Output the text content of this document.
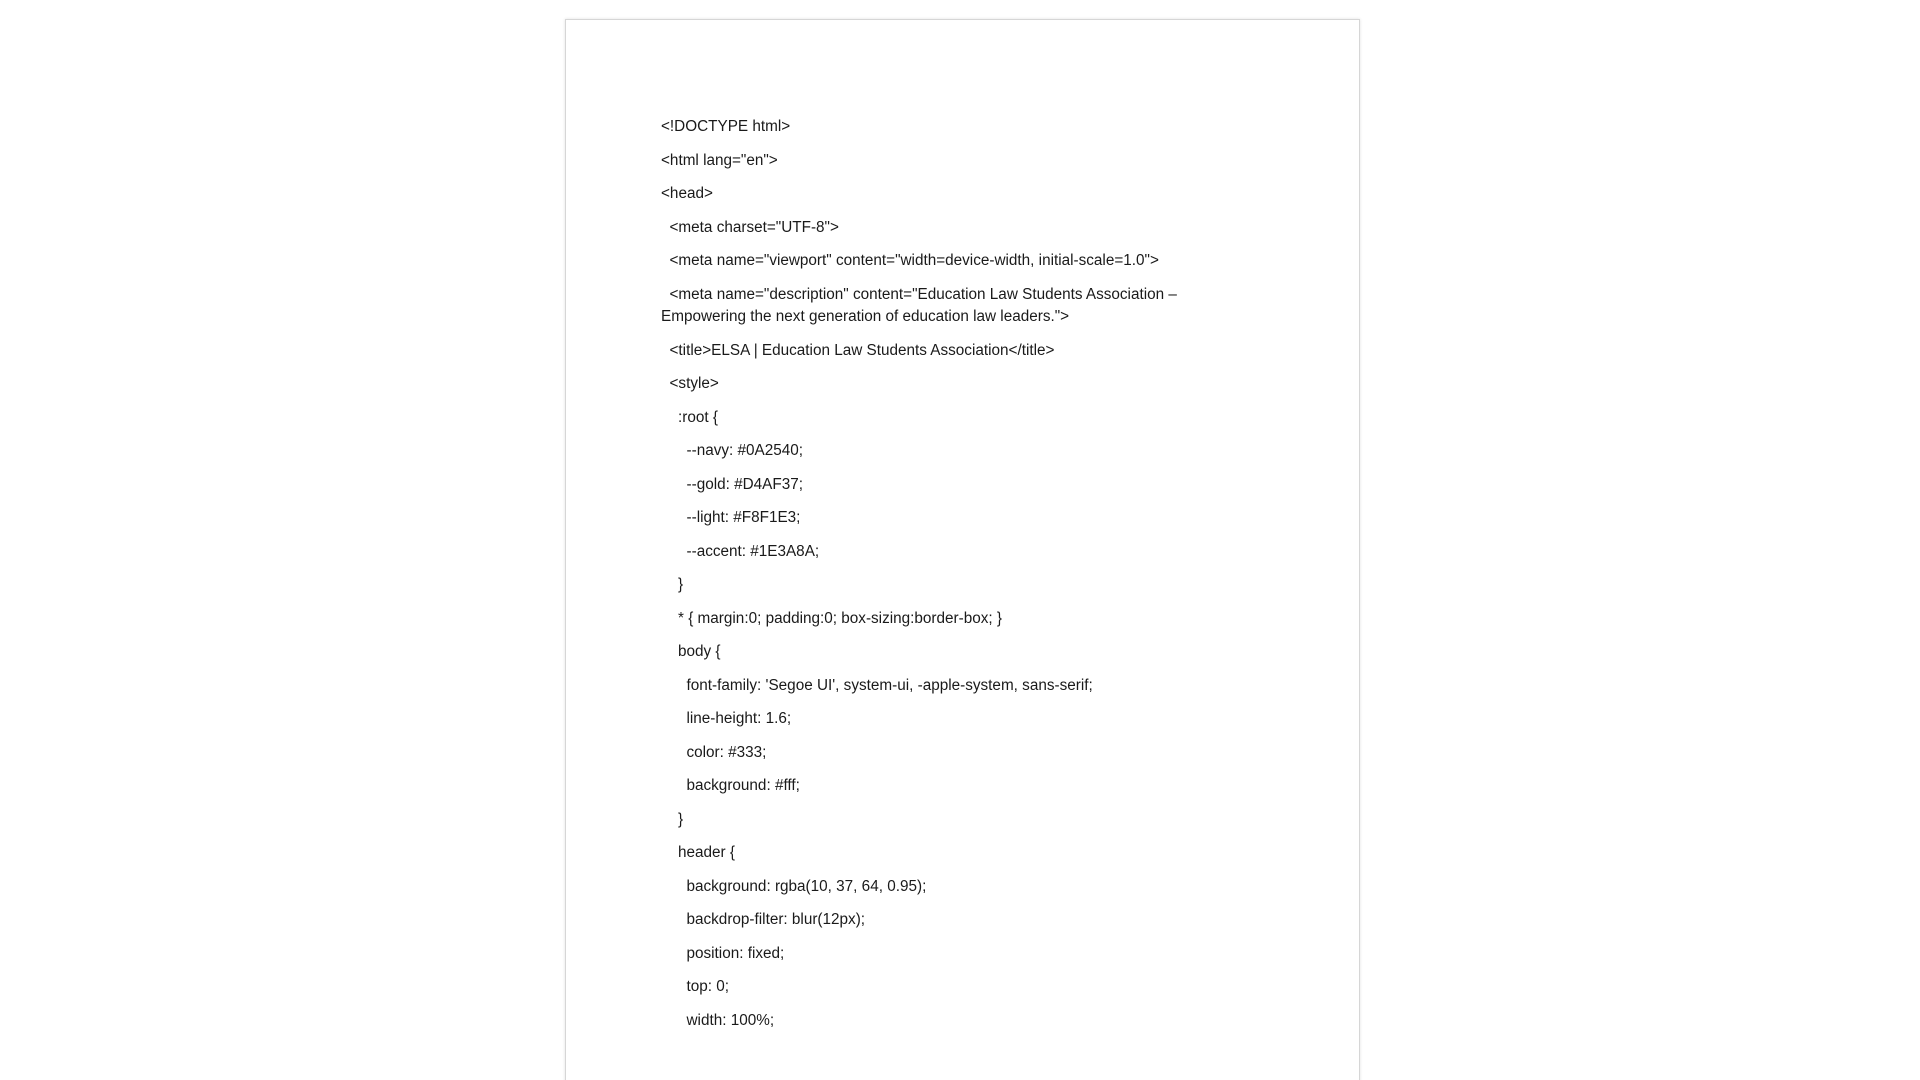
<!DOCTYPE html>

<html lang="en">

<head>

<meta charset="UTF-8">

<meta name="viewport" content="width=device-width, initial-scale=1.0">

<meta name="description" content="Education Law Students Association – Empowering the next generation of education law leaders.">

<title>ELSA | Education Law Students Association</title>

<style>

:root {

--navy: #0A2540;

--gold: #D4AF37;

--light: #F8F1E3;

--accent: #1E3A8A;

}

* { margin:0; padding:0; box-sizing:border-box; }

body {

font-family: 'Segoe UI', system-ui, -apple-system, sans-serif;

line-height: 1.6;

color: #333;

background: #fff;

}

header {

background: rgba(10, 37, 64, 0.95);

backdrop-filter: blur(12px);

position: fixed;

top: 0;

width: 100%;
